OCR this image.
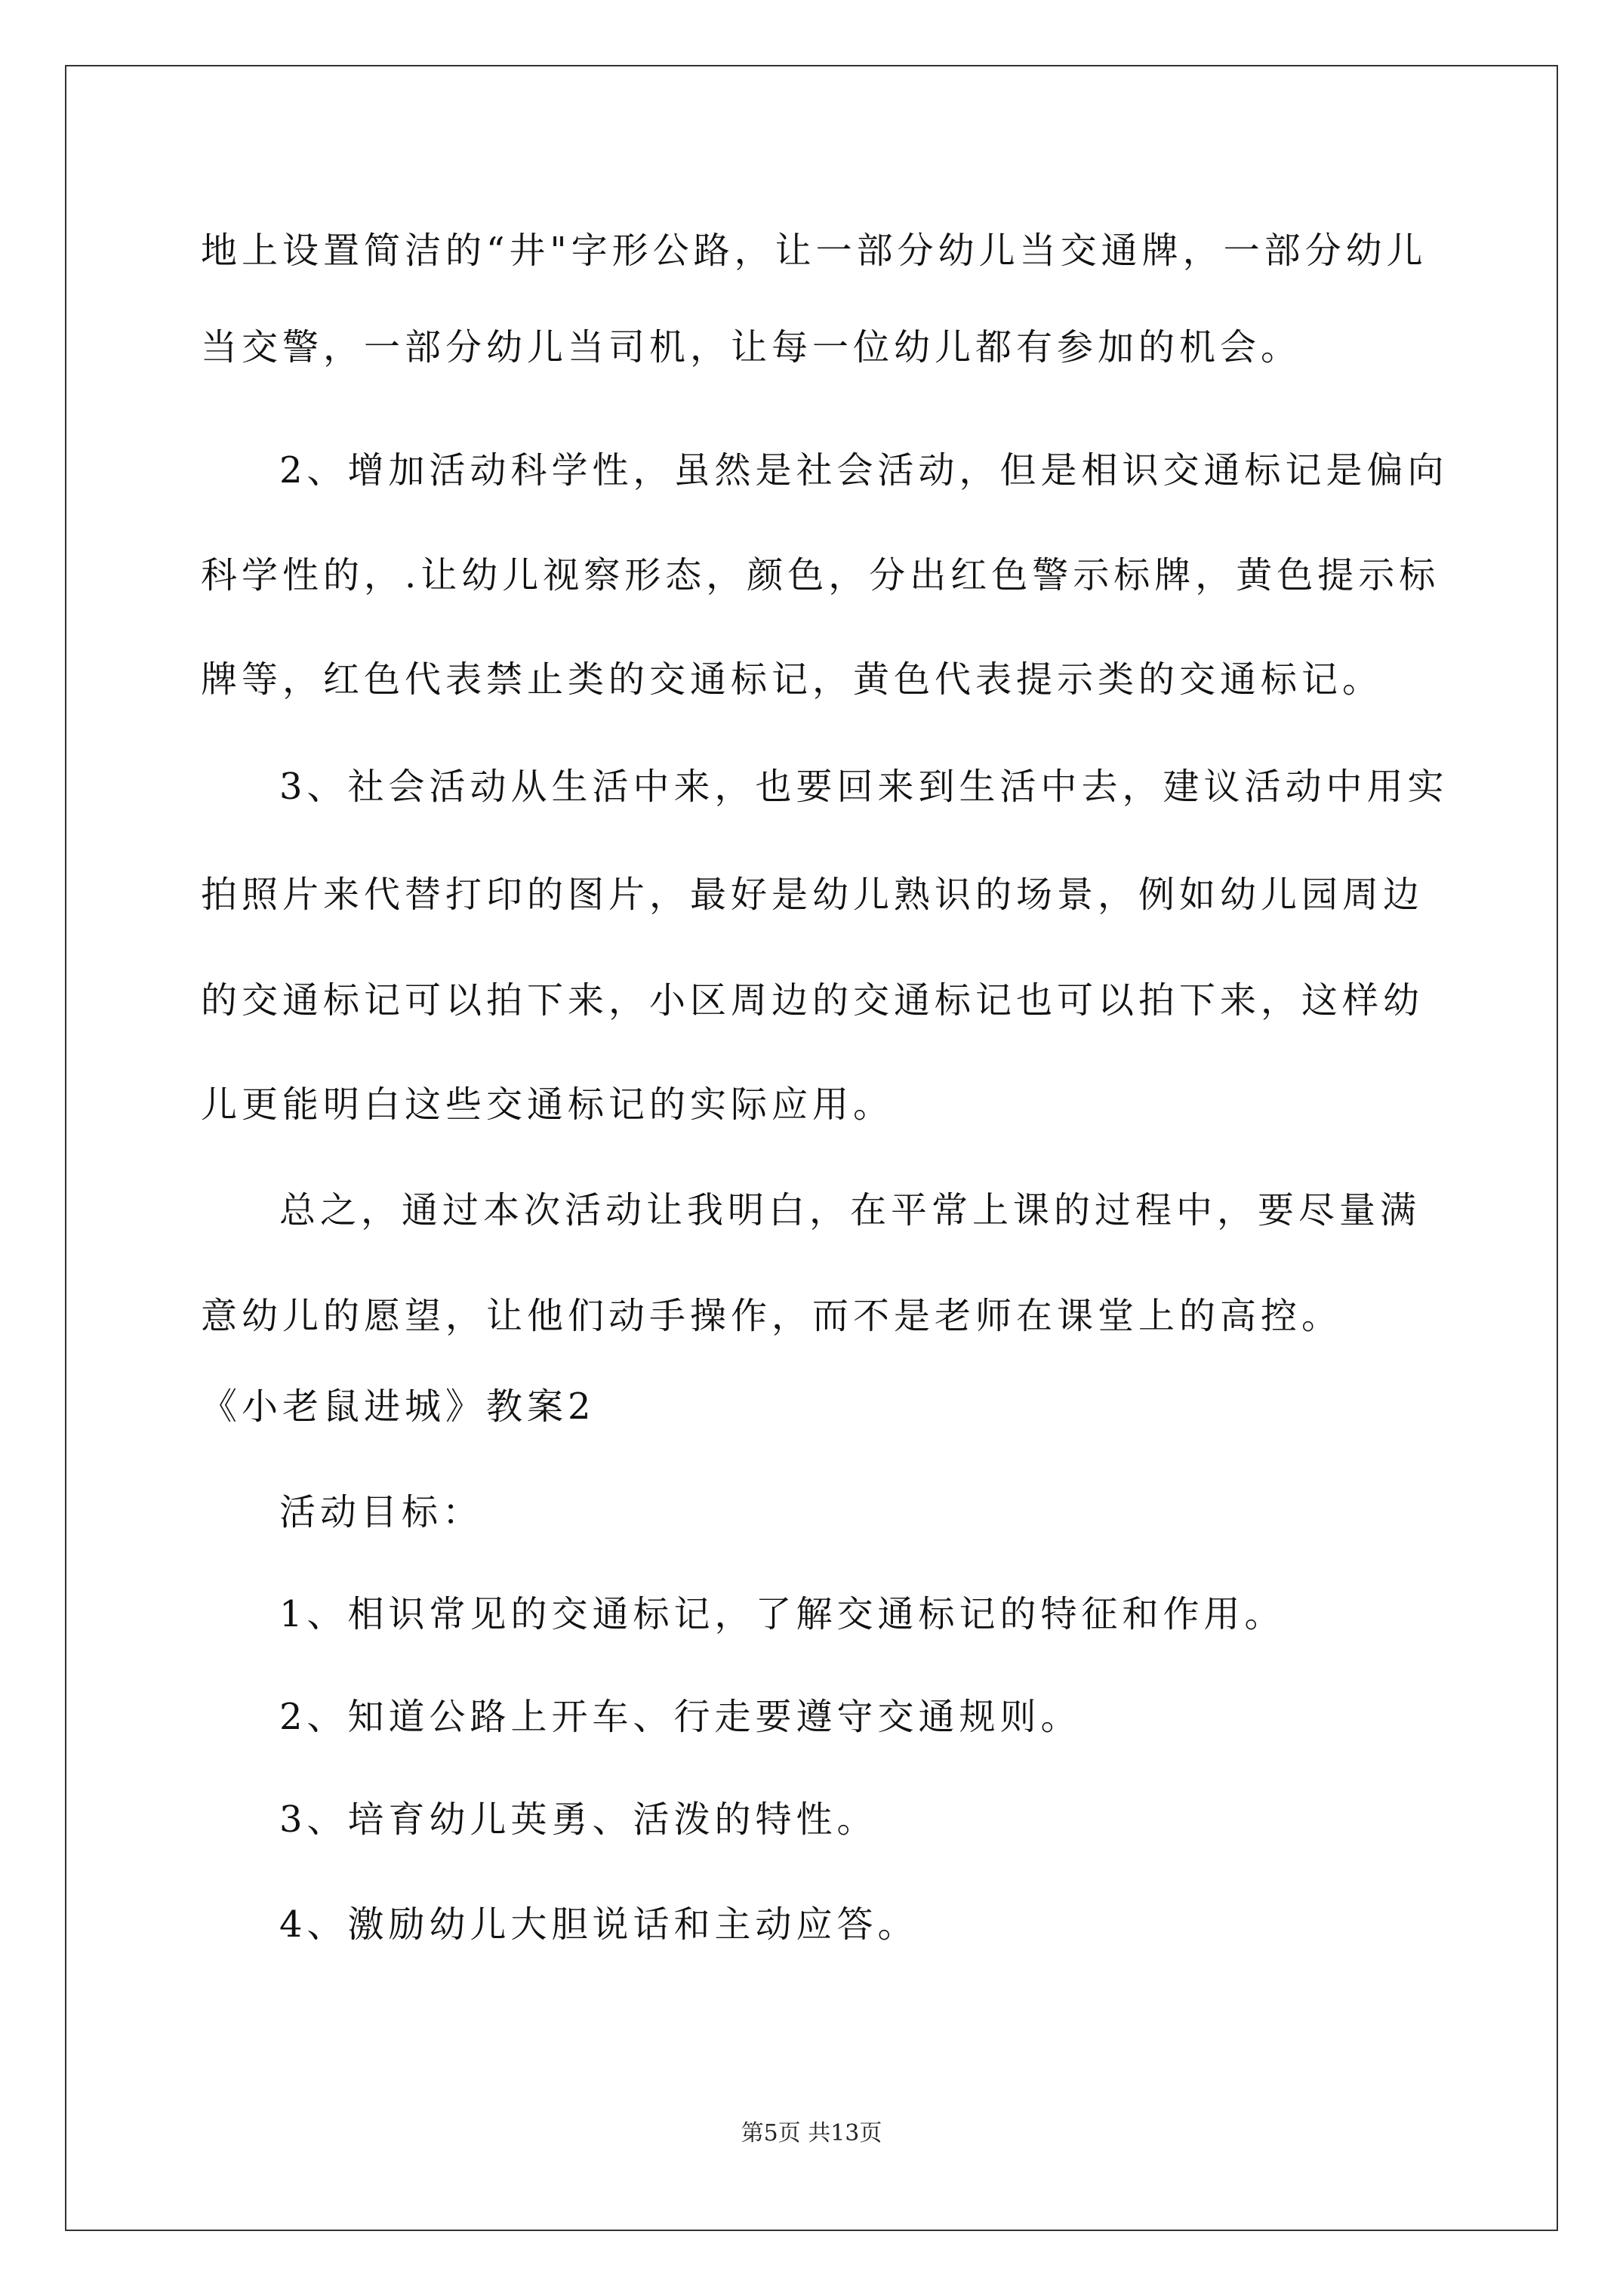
地上设置简洁的“井"字形公路，让一部分幼儿当交通牌，一部分幼儿
当交警，一部分幼儿当司机，让每一位幼儿都有参加的机会。
2、增加活动科学性，虽然是社会活动，但是相识交通标记是偏向
科学性的，.让幼儿视察形态，颜色，分出红色警示标牌，黄色提示标
牌等，红色代表禁止类的交通标记，黄色代表提示类的交通标记。
3、社会活动从生活中来，也要回来到生活中去，建议活动中用实
拍照片来代替打印的图片，最好是幼儿熟识的场景，例如幼儿园周边
的交通标记可以拍下来，小区周边的交通标记也可以拍下来，这样幼
儿更能明白这些交通标记的实际应用。
总之，通过本次活动让我明白，在平常上课的过程中，要尽量满
意幼儿的愿望，让他们动手操作，而不是老师在课堂上的高控。
《小老鼠进城》教案2
活动目标：
1、相识常见的交通标记，了解交通标记的特征和作用。
2、知道公路上开车、行走要遵守交通规则。
3、培育幼儿英勇、活泼的特性。
4、激励幼儿大胆说话和主动应答。
第5页 共13页
